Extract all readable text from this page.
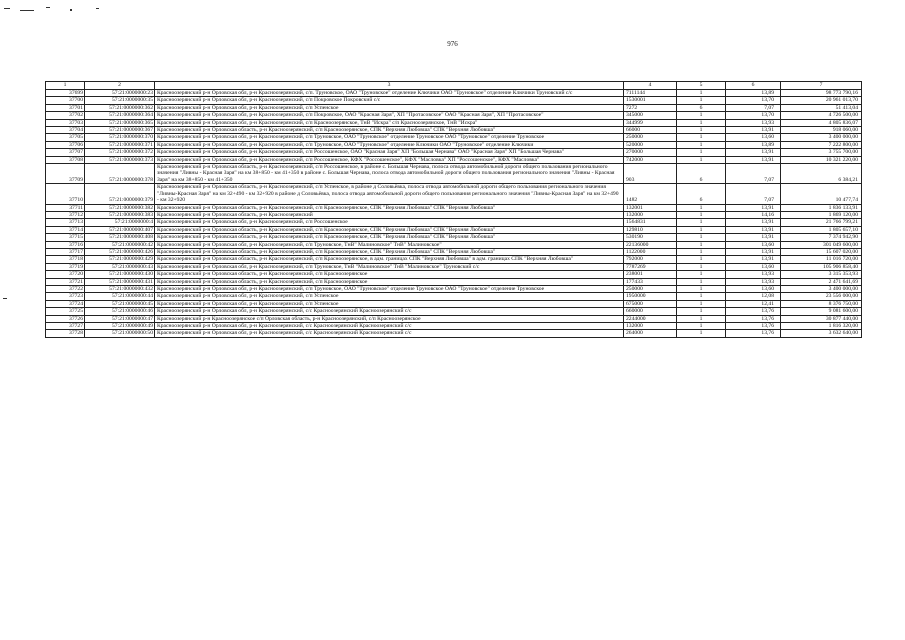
976
1	2	3	4	5	6	7
37699	57:21:0000000:23	Красноозерянский р-н Орловская обл, р-н Красноозерянский, с/п. Труновское, ОАО "Труновское" отделение Ключики ОАО "Труновское" отделение Ключики Труновский с/с	7111144	1	13,89	98 773 790,16
37700	57:21:0000000:35	Красноозерянский р-н Орловская обл, р-н Красноозерянский, с/п Покровское Покровский с/с	1530001	1	13,70	20 961 013,70
37701	57:21:0000000:362	Красноозерянский р-н Орловская обл, р-н Красноозерянский, с/п Успенское	7272	6	7,07	51 413,04
37702	57:21:0000000:364	Красноозерянский р-н Орловская обл, р-н Красноозерянский, с/п Покровское, ОАО "Красная Заря", ХП "Протасовское" ОАО "Красная Заря", ХП "Протасовское"	345000	1	13,70	4 726 500,00
37703	57:21:0000000:365	Красноозерянский р-н Орловская обл, р-н Красноозерянский, с/п Красноозерянское, ТнВ "Искра" с/п Красноозерянское, ТнВ "Искра"	344999	1	13,93	4 805 836,07
37704	57:21:0000000:367	Красноозерянский р-н Орловская область, р-н Красноозерянский, с/п Красноозерянское, СПК "Верхняя Любовша" СПК "Верхняя Любовша"	66000	1	13,91	918 060,00
37705	57:21:0000000:370	Красноозерянский р-н Орловская обл, р-н Красноозерянский, с/п Труновское, ОАО "Труновское" отделение Труновское ОАО "Труновское" отделение Труновское	250000	1	13,60	3 400 000,00
37706	57:21:0000000:371	Красноозерянский р-н Орловская обл, р-н Красноозерянский, с/п Труновское, ОАО "Труновское" отделение Ключики ОАО "Труновское" отделение Ключики	520000	1	13,89	7 222 800,00
37707	57:21:0000000:372	Красноозерянский р-н Орловская обл, р-н Красноозерянский, с/п Россошенское, ОАО "Красная Заря" ХП "Большая Чернава" ОАО "Красная Заря" ХП "Большая Чернава"	270000	1	13,91	3 755 700,00
37708	57:21:0000000:373	Красноозерянский р-н Орловская обл, р-н Красноозерянский, с/п Россошенское, КФХ "Россошенское", КФХ "Масловка" ХП "Россошенское", КФХ "Масловка"	742000	1	13,91	10 321 220,00
37709	57:21:0000000:378	Красноозерянский р-н Орловская область, р-н Красноозерянский, с/п Россошенское, в районе с. Большая Чернава, полоса отвода автомобильной дороги общего пользования регионального значения "Ливны - Красная Заря" на км 38+850 - км 41+350 в районе с. Большая Чернава, полоса отвода автомобильной дороги общего пользования регионального значения "Ливны - Красная Заря" на км 38+850 - км 41+350	903	6	7,07	6 384,21
37710	57:21:0000000:379	Красноозерянский р-н Орловская область, р-н Красноозерянский, с/п Успенское, в районе д Соловьёвка, полоса отвода автомобильной дороги общего пользования регионального значения "Ливны-Красная Заря" на км 32+490 - км 32+920 в районе д Соловьёвка, полоса отвода автомобильной дороги общего пользования регионального значения "Ливны-Красная Заря" на км 32+490 - км 32+920	1482	6	7,07	10 477,74
37711	57:21:0000000:382	Красноозерянский р-н Орловская область, р-н Красноозерянский, с/п Красноозерянское, СПК "Верхняя Любовша" СПК "Верхняя Любовша"	132001	1	13,91	1 836 133,91
37712	57:21:0000000:383	Красноозерянский р-н Орловская область, р-н Красноозерянский	132000	1	14,16	1 869 120,00
37713	57:21:0000000:4	Красноозерянский р-н Орловская обл, р-н Красноозерянский, с/п Россошенское	1564831	1	13,91	21 766 799,21
37714	57:21:0000000:407	Красноозерянский р-н Орловская область, р-н Красноозерянский, с/п Красноозерянское, СПК "Верхняя Любовша" СПК "Верхняя Любовша"	129810	1	13,91	1 805 657,10
37715	57:21:0000000:408	Красноозерянский р-н Орловская область, р-н Красноозерянский, с/п Красноозерянское, СПК "Верхняя Любовша" СПК "Верхняя Любовша"	530190	1	13,91	7 374 942,90
37716	57:21:0000000:42	Красноозерянский р-н Орловская обл, р-н Красноозерянский, с/п Труновское, ТнВ" Малиновское" ТнВ" Малиновское"	22136000	1	13,60	301 049 600,00
37717	57:21:0000000:426	Красноозерянский р-н Орловская область, р-н Красноозерянский, с/п Красноозерянское, СПК "Верхняя Любовша" СПК "Верхняя Любовша"	1122000	1	13,91	15 607 020,00
37718	57:21:0000000:429	Красноозерянский р-н Орловская область, р-н Красноозерянский, с/п Красноозерянское, в адм. границах СПК "Верхняя Любовша" в адм. границах СПК "Верхняя Любовша"	792000	1	13,91	11 016 720,00
37719	57:21:0000000:43	Красноозерянский р-н Орловская обл, р-н Красноозерянский, с/п Труновское, ТнВ "Малиновское" ТнВ "Малиновское" Труновский с/с	7787269	1	13,60	105 906 858,40
37720	57:21:0000000:430	Красноозерянский р-н Орловская область, р-н Красноозерянский, с/п Красноозерянское	238001	1	13,93	3 315 353,93
37721	57:21:0000000:431	Красноозерянский р-н Орловская область, р-н Красноозерянский, с/п Красноозерянское	177433	1	13,93	2 471 641,69
37722	57:21:0000000:432	Красноозерянский р-н Орловская обл, р-н Красноозерянский, с/п Труновское, ОАО "Труновское" отделение Труновское ОАО "Труновское" отделение Труновское	250000	1	13,60	3 400 000,00
37723	57:21:0000000:44	Красноозерянский р-н Орловская обл, р-н Красноозерянский, с/п Успенское	1950000	1	12,08	23 556 000,00
37724	57:21:0000000:45	Красноозерянский р-н Орловская обл, р-н Красноозерянский, с/п Успенское	675000	1	12,41	8 376 750,00
37725	57:21:0000000:46	Красноозерянский р-н Орловская обл, р-н Красноозерянский, с/с Красноозерянский Красноозерянский с/с	660000	1	13,76	9 081 600,00
37726	57:21:0000000:47	Красноозерянский р-н Красноозерянское с/п Орловская область, р-н Красноозерянский, с/п Красноозерянское	2244000	1	13,76	30 877 440,00
37727	57:21:0000000:49	Красноозерянский р-н Орловская обл, р-н Красноозерянский, с/с Красноозерянский Красноозерянский с/с	132000	1	13,76	1 816 320,00
37728	57:21:0000000:50	Красноозерянский р-н Орловская обл, р-н Красноозерянский, с/с Красноозерянский Красноозерянский с/с	264000	1	13,76	3 632 640,00
